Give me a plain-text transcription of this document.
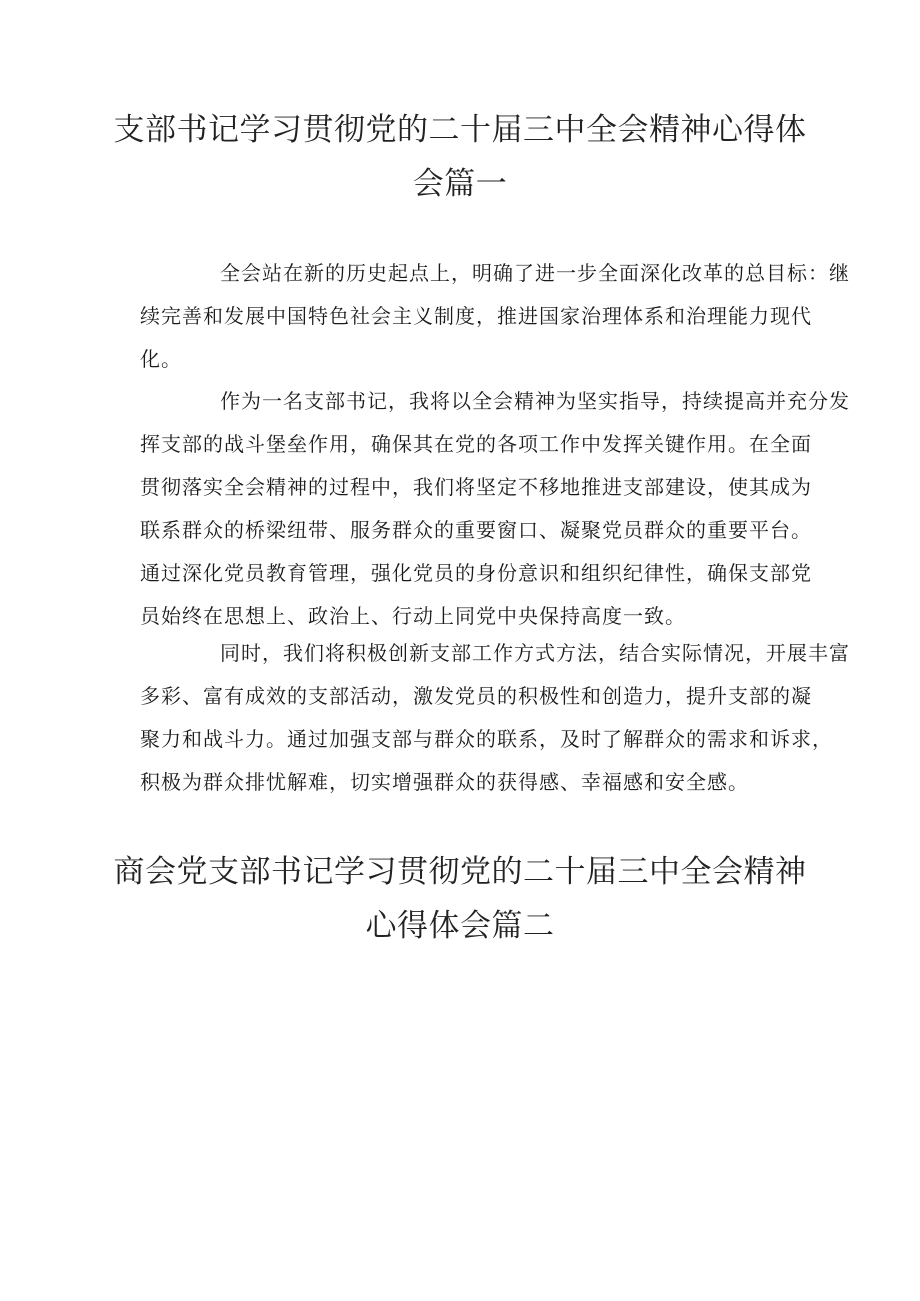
支部书记学习贯彻党的二十届三中全会精神心得体
会篇一

全会站在新的历史起点上，明确了进一步全面深化改革的总目标：继
续完善和发展中国特色社会主义制度，推进国家治理体系和治理能力现代
化。

作为一名支部书记，我将以全会精神为坚实指导，持续提高并充分发
挥支部的战斗堡垒作用，确保其在党的各项工作中发挥关键作用。在全面
贯彻落实全会精神的过程中，我们将坚定不移地推进支部建设，使其成为
联系群众的桥梁纽带、服务群众的重要窗口、凝聚党员群众的重要平台。
通过深化党员教育管理，强化党员的身份意识和组织纪律性，确保支部党
员始终在思想上、政治上、行动上同党中央保持高度一致。

同时，我们将积极创新支部工作方式方法，结合实际情况，开展丰富
多彩、富有成效的支部活动，激发党员的积极性和创造力，提升支部的凝
聚力和战斗力。通过加强支部与群众的联系，及时了解群众的需求和诉求，
积极为群众排忧解难，切实增强群众的获得感、幸福感和安全感。

商会党支部书记学习贯彻党的二十届三中全会精神
心得体会篇二
